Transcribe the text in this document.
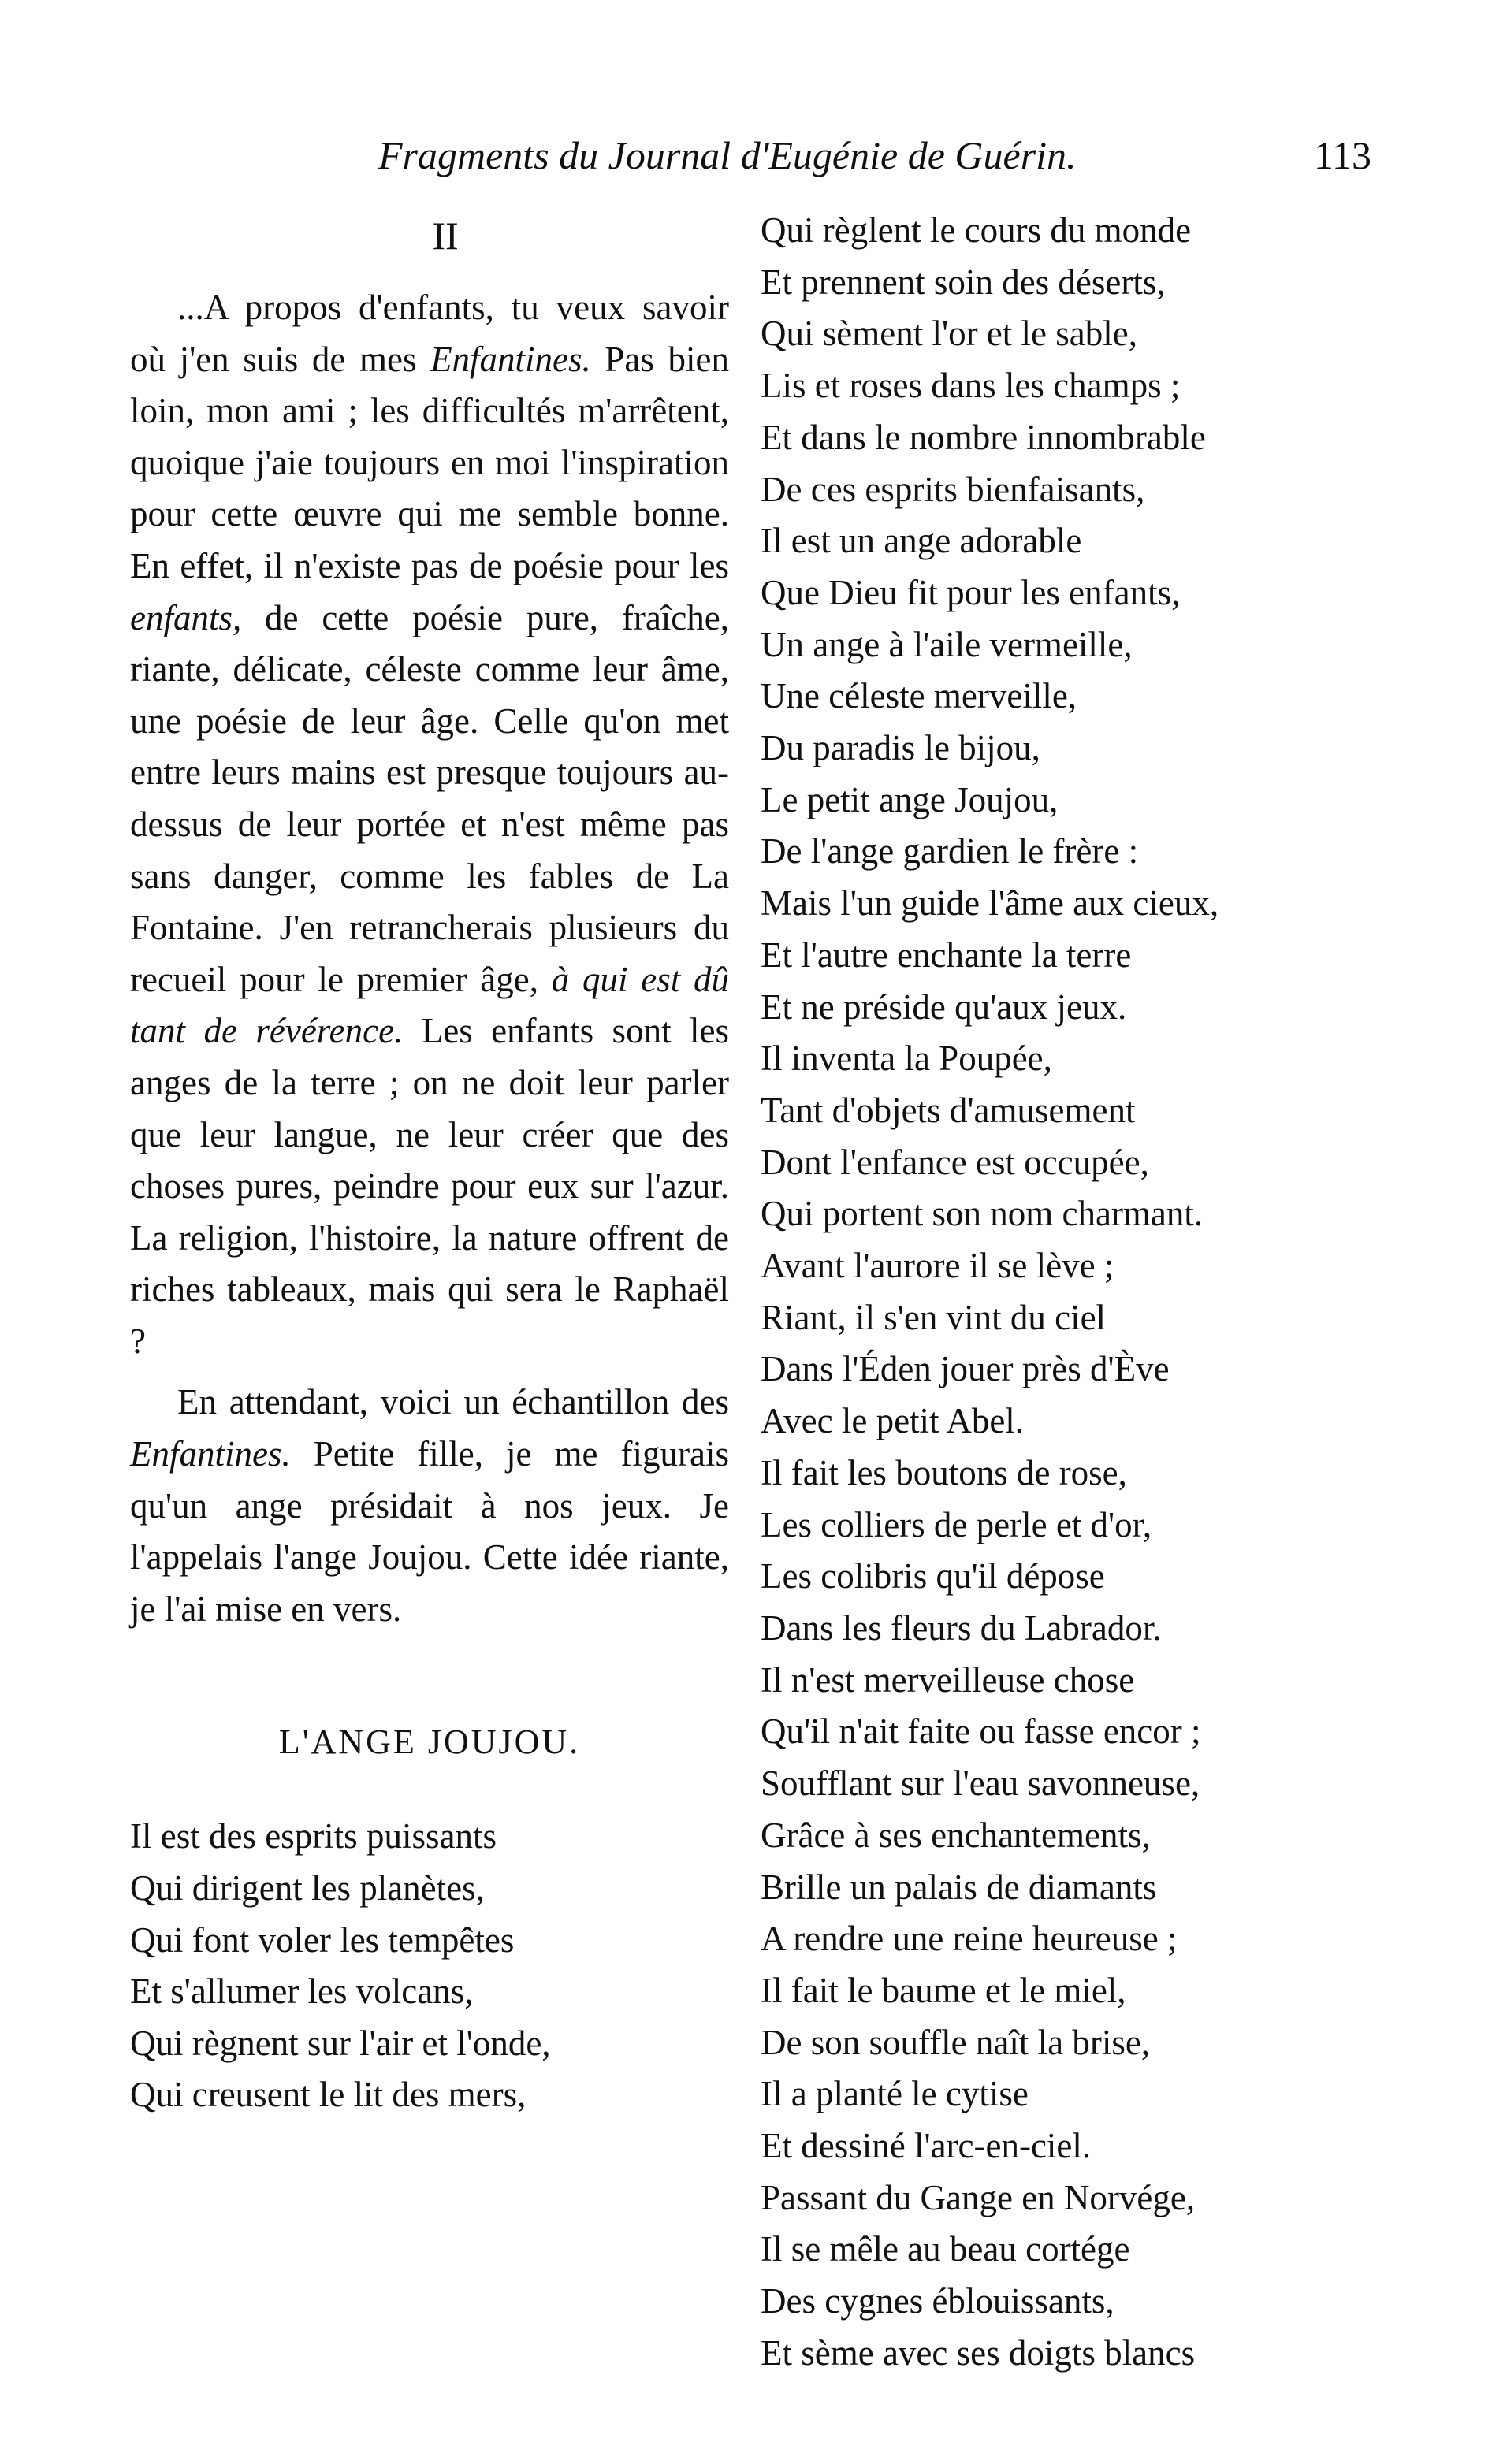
Fragments du Journal d'Eugénie de Guérin.	113
II

...A propos d'enfants, tu veux savoir où j'en suis de mes Enfantines. Pas bien loin, mon ami ; les difficultés m'arrêtent, quoique j'aie toujours en moi l'inspiration pour cette œuvre qui me semble bonne. En effet, il n'existe pas de poésie pour les enfants, de cette poésie pure, fraîche, riante, délicate, céleste comme leur âme, une poésie de leur âge. Celle qu'on met entre leurs mains est presque toujours au-dessus de leur portée et n'est même pas sans danger, comme les fables de La Fontaine. J'en retrancherais plusieurs du recueil pour le premier âge, à qui est dû tant de révérence. Les enfants sont les anges de la terre ; on ne doit leur parler que leur langue, ne leur créer que des choses pures, peindre pour eux sur l'azur. La religion, l'histoire, la nature offrent de riches tableaux, mais qui sera le Raphaël ?

En attendant, voici un échantillon des Enfantines. Petite fille, je me figurais qu'un ange présidait à nos jeux. Je l'appelais l'ange Joujou. Cette idée riante, je l'ai mise en vers.

L'ANGE JOUJOU.
Il est des esprits puissants
Qui dirigent les planètes,
Qui font voler les tempêtes
Et s'allumer les volcans,
Qui règnent sur l'air et l'onde,
Qui creusent le lit des mers,
Qui règlent le cours du monde
Et prennent soin des déserts,
Qui sèment l'or et le sable,
Lis et roses dans les champs ;
Et dans le nombre innombrable
De ces esprits bienfaisants,
Il est un ange adorable
Que Dieu fit pour les enfants,
Un ange à l'aile vermeille,
Une céleste merveille,
Du paradis le bijou,
Le petit ange Joujou,
De l'ange gardien le frère :
Mais l'un guide l'âme aux cieux,
Et l'autre enchante la terre
Et ne préside qu'aux jeux.
Il inventa la Poupée,
Tant d'objets d'amusement
Dont l'enfance est occupée,
Qui portent son nom charmant.
Avant l'aurore il se lève ;
Riant, il s'en vint du ciel
Dans l'Éden jouer près d'Ève
Avec le petit Abel.
Il fait les boutons de rose,
Les colliers de perle et d'or,
Les colibris qu'il dépose
Dans les fleurs du Labrador.
Il n'est merveilleuse chose
Qu'il n'ait faite ou fasse encor ;
Soufflant sur l'eau savonneuse,
Grâce à ses enchantements,
Brille un palais de diamants
A rendre une reine heureuse ;
Il fait le baume et le miel,
De son souffle naît la brise,
Il a planté le cytise
Et dessiné l'arc-en-ciel.
Passant du Gange en Norvége,
Il se mêle au beau cortége
Des cygnes éblouissants,
Et sème avec ses doigts blancs
